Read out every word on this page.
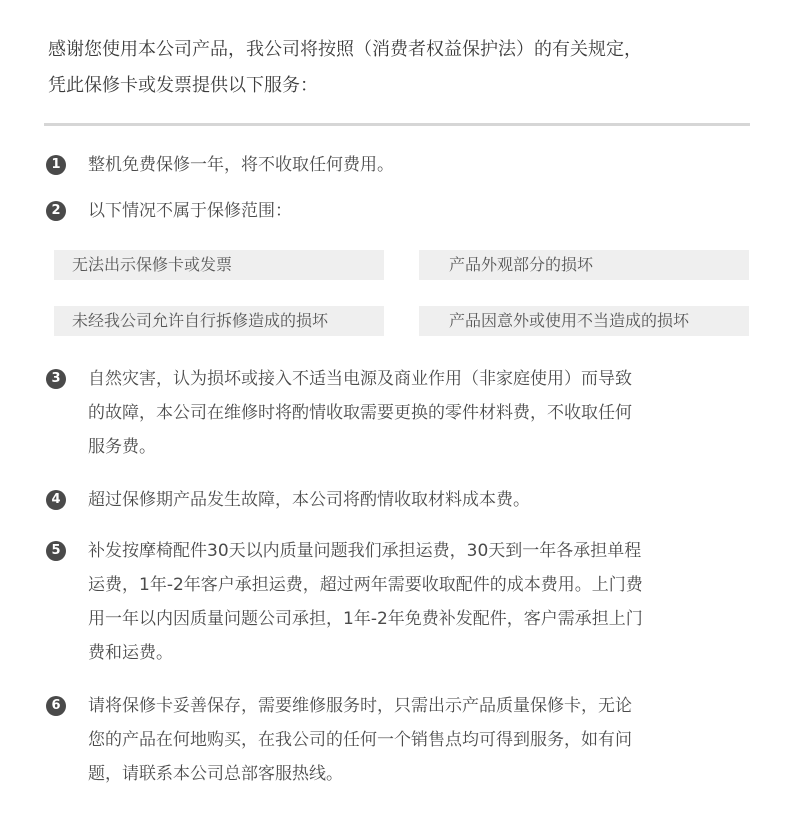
感谢您使用本公司产品，我公司将按照（消费者权益保护法）的有关规定，
凭此保修卡或发票提供以下服务：
1	整机免费保修一年，将不收取任何费用。
2	以下情况不属于保修范围：
无法出示保修卡或发票	产品外观部分的损坏
未经我公司允许自行拆修造成的损坏	产品因意外或使用不当造成的损坏
3	自然灾害，认为损坏或接入不适当电源及商业作用（非家庭使用）而导致
的故障，本公司在维修时将酌情收取需要更换的零件材料费，不收取任何
服务费。
4	超过保修期产品发生故障，本公司将酌情收取材料成本费。
5	补发按摩椅配件30天以内质量问题我们承担运费，30天到一年各承担单程
运费，1年-2年客户承担运费，超过两年需要收取配件的成本费用。上门费
用一年以内因质量问题公司承担，1年-2年免费补发配件，客户需承担上门
费和运费。
6	请将保修卡妥善保存，需要维修服务时，只需出示产品质量保修卡，无论
您的产品在何地购买，在我公司的任何一个销售点均可得到服务，如有问
题，请联系本公司总部客服热线。
